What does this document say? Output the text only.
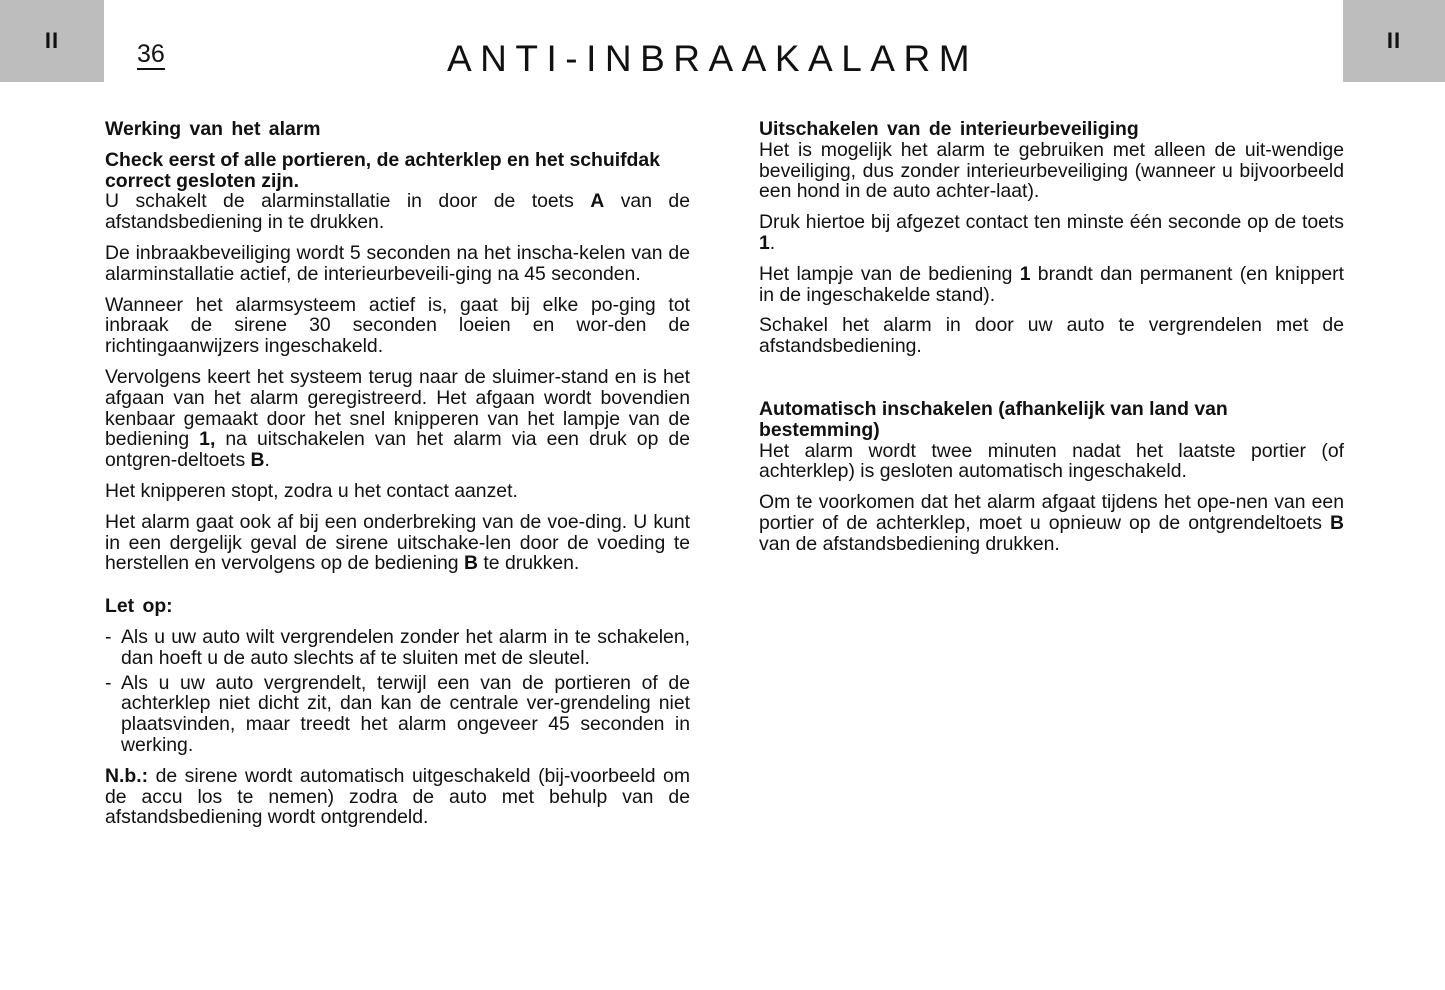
II	II
36	ANTI-INBRAAKALARM
Werking van het alarm
Check eerst of alle portieren, de achterklep en het schuifdak correct gesloten zijn.

U schakelt de alarminstallatie in door de toets A van de afstandsbediening in te drukken.

De inbraakbeveiliging wordt 5 seconden na het inscha-kelen van de alarminstallatie actief, de interieurbeveili-ging na 45 seconden.

Wanneer het alarmsysteem actief is, gaat bij elke po-ging tot inbraak de sirene 30 seconden loeien en wor-den de richtingaanwijzers ingeschakeld.

Vervolgens keert het systeem terug naar de sluimer-stand en is het afgaan van het alarm geregistreerd. Het afgaan wordt bovendien kenbaar gemaakt door het snel knipperen van het lampje van de bediening 1, na uitschakelen van het alarm via een druk op de ontgren-deltoets B.

Het knipperen stopt, zodra u het contact aanzet.

Het alarm gaat ook af bij een onderbreking van de voe-ding. U kunt in een dergelijk geval de sirene uitschake-len door de voeding te herstellen en vervolgens op de bediening B te drukken.

Let op:
- Als u uw auto wilt vergrendelen zonder het alarm in te schakelen, dan hoeft u de auto slechts af te sluiten met de sleutel.
- Als u uw auto vergrendelt, terwijl een van de portieren of de achterklep niet dicht zit, dan kan de centrale ver-grendeling niet plaatsvinden, maar treedt het alarm ongeveer 45 seconden in werking.

N.b.: de sirene wordt automatisch uitgeschakeld (bij-voorbeeld om de accu los te nemen) zodra de auto met behulp van de afstandsbediening wordt ontgrendeld.

Uitschakelen van de interieurbeveiliging

Het is mogelijk het alarm te gebruiken met alleen de uit-wendige beveiliging, dus zonder interieurbeveiliging (wanneer u bijvoorbeeld een hond in de auto achter-laat).

Druk hiertoe bij afgezet contact ten minste één seconde op de toets 1.

Het lampje van de bediening 1 brandt dan permanent (en knippert in de ingeschakelde stand).

Schakel het alarm in door uw auto te vergrendelen met de afstandsbediening.

Automatisch inschakelen (afhankelijk van land van bestemming)

Het alarm wordt twee minuten nadat het laatste portier (of achterklep) is gesloten automatisch ingeschakeld.

Om te voorkomen dat het alarm afgaat tijdens het ope-nen van een portier of de achterklep, moet u opnieuw op de ontgrendeltoets B van de afstandsbediening drukken.
